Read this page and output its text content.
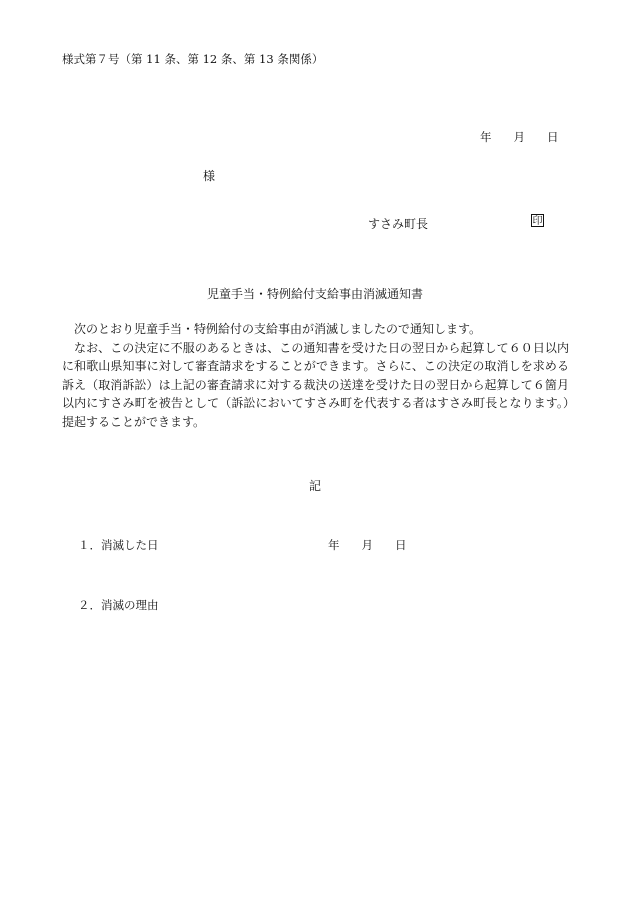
様式第７号（第 11 条、第 12 条、第 13 条関係）
年 月 日
様
すさみ町長	印
児童手当・特例給付支給事由消滅通知書

次のとおり児童手当・特例給付の支給事由が消滅しましたので通知します。

なお、この決定に不服のあるときは、この通知書を受けた日の翌日から起算して６０日以内に和歌山県知事に対して審査請求をすることができます。さらに、この決定の取消しを求める訴え（取消訴訟）は上記の審査請求に対する裁決の送達を受けた日の翌日から起算して６箇月以内にすさみ町を被告として（訴訟においてすさみ町を代表する者はすさみ町長となります。）提起することができます。

記
１．消滅した日	年 月 日
２．消滅の理由
